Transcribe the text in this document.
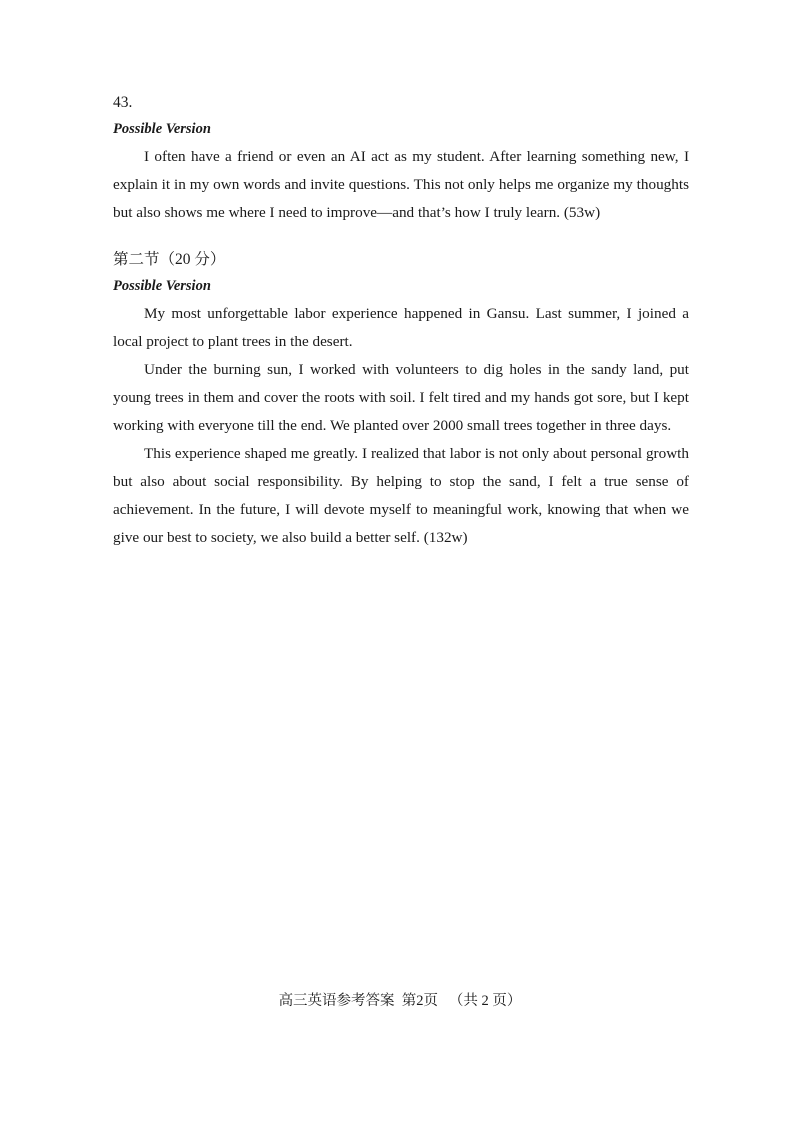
43.

Possible Version

I often have a friend or even an AI act as my student. After learning something new, I explain it in my own words and invite questions. This not only helps me organize my thoughts but also shows me where I need to improve—and that’s how I truly learn. (53w)

第二节（20 分）

Possible Version

My most unforgettable labor experience happened in Gansu. Last summer, I joined a local project to plant trees in the desert.

Under the burning sun, I worked with volunteers to dig holes in the sandy land, put young trees in them and cover the roots with soil. I felt tired and my hands got sore, but I kept working with everyone till the end. We planted over 2000 small trees together in three days.

This experience shaped me greatly. I realized that labor is not only about personal growth but also about social responsibility. By helping to stop the sand, I felt a true sense of achievement. In the future, I will devote myself to meaningful work, knowing that when we give our best to society, we also build a better self. (132w)

高三英语参考答案  第2页   （共 2 页）
